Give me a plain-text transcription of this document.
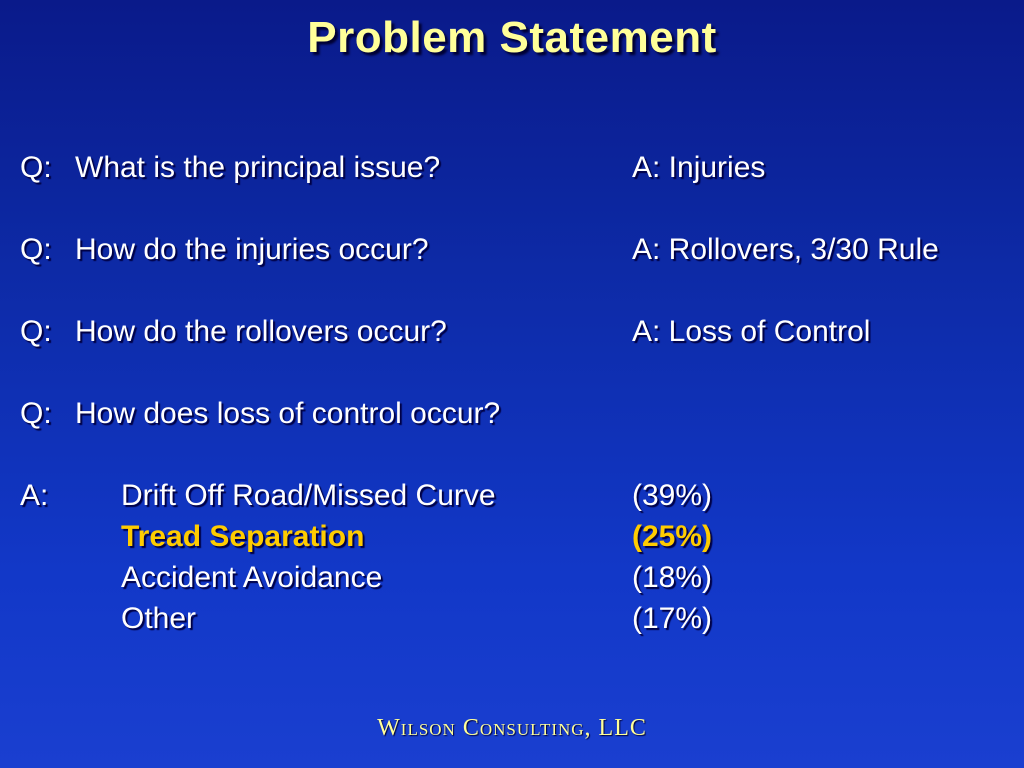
Problem Statement
Q: What is the principal issue?	A: Injuries
Q: How do the injuries occur?	A: Rollovers, 3/30 Rule
Q: How do the rollovers occur?	A: Loss of Control
Q: How does loss of control occur?
A: Drift Off Road/Missed Curve	(39%)
Tread Separation	(25%)
Accident Avoidance	(18%)
Other	(17%)
Wilson Consulting, LLC
